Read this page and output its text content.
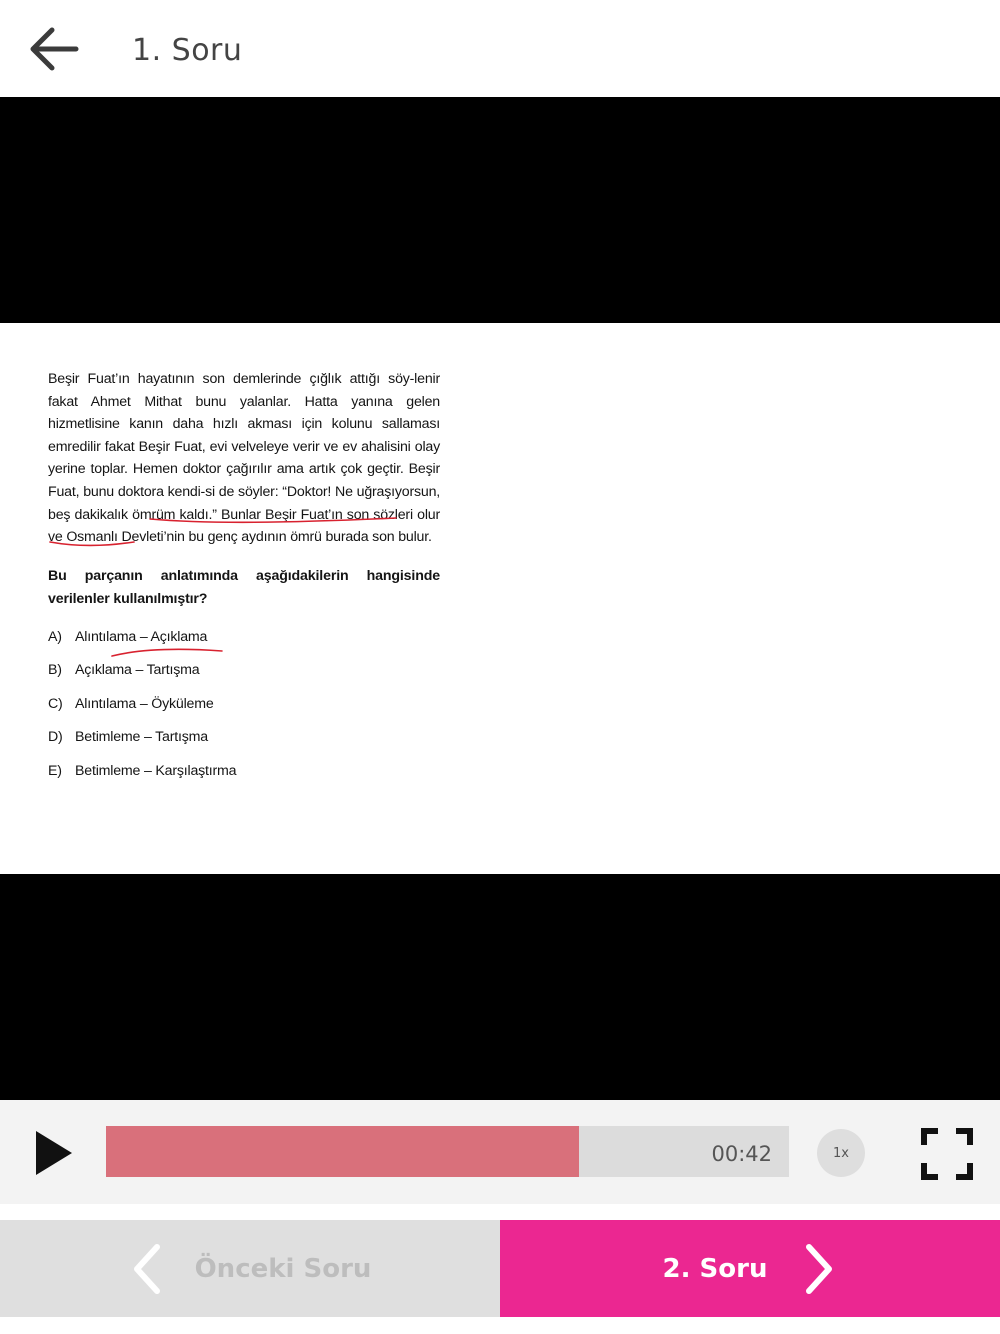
1. Soru

Beşir Fuat’ın hayatının son demlerinde çığlık attığı söy-lenir fakat Ahmet Mithat bunu yalanlar. Hatta yanına gelen hizmetlisine kanın daha hızlı akması için kolunu sallaması emredilir fakat Beşir Fuat, evi velveleye verir ve ev ahalisini olay yerine toplar. Hemen doktor çağırılır ama artık çok geçtir. Beşir Fuat, bunu doktora kendi-si de söyler: “Doktor! Ne uğraşıyorsun, beş dakikalık ömrüm kaldı.” Bunlar Beşir Fuat’ın son sözleri olur ve Osmanlı Devleti’nin bu genç aydının ömrü burada son bulur.

Bu parçanın anlatımında aşağıdakilerin hangisinde verilenler kullanılmıştır?

A) Alıntılama – Açıklama
B) Açıklama – Tartışma
C) Alıntılama – Öyküleme
D) Betimleme – Tartışma
E) Betimleme – Karşılaştırma
00:42	1x
Önceki Soru	2. Soru
